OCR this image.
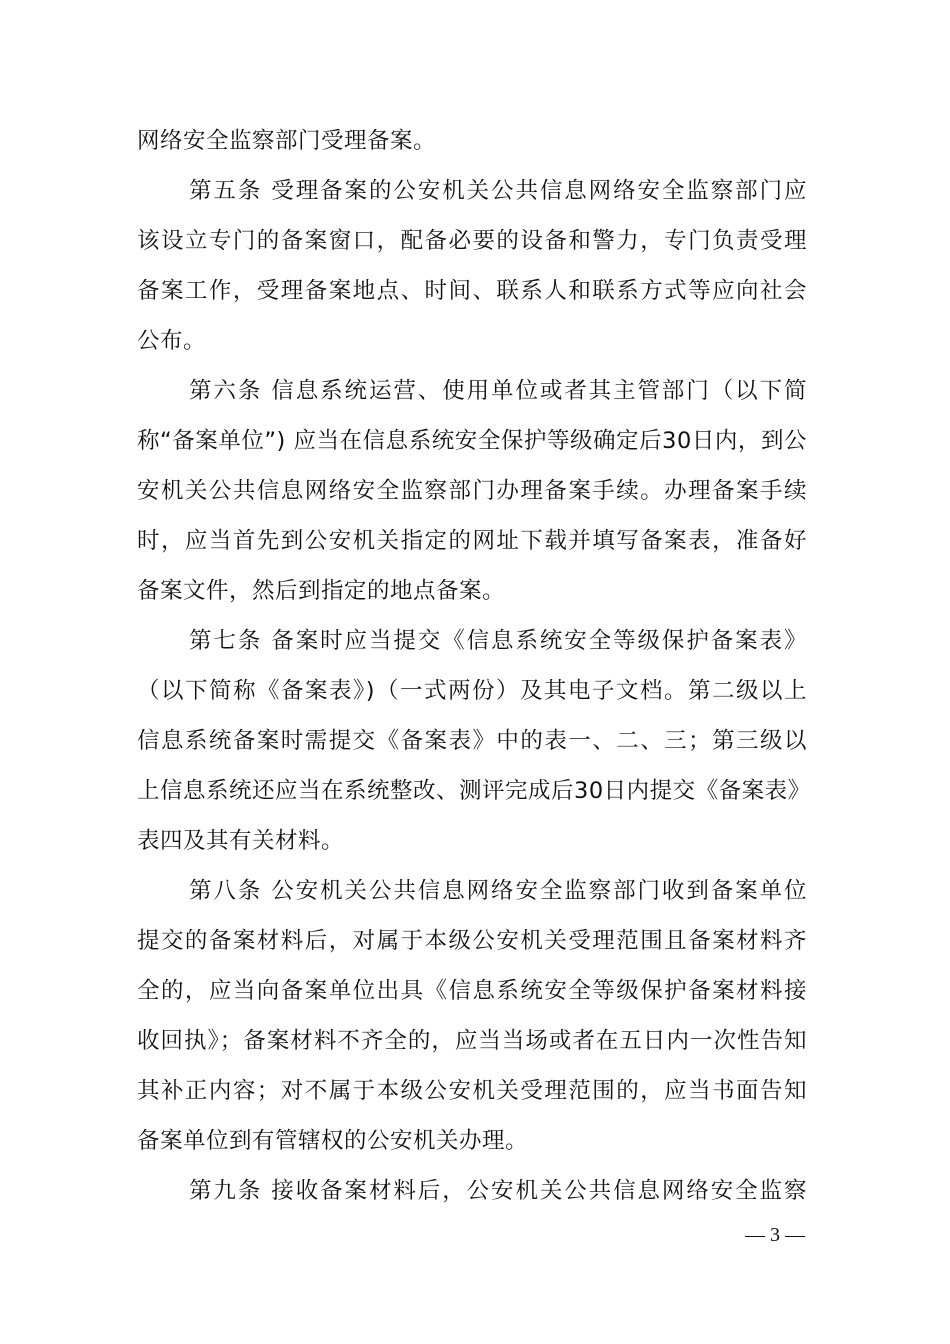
网络安全监察部门受理备案。
第五条 受理备案的公安机关公共信息网络安全监察部门应
该设立专门的备案窗口，配备必要的设备和警力，专门负责受理
备案工作，受理备案地点、时间、联系人和联系方式等应向社会
公布。
第六条 信息系统运营、使用单位或者其主管部门（以下简
称“备案单位”) 应当在信息系统安全保护等级确定后30日内，到公
安机关公共信息网络安全监察部门办理备案手续。办理备案手续
时，应当首先到公安机关指定的网址下载并填写备案表，准备好
备案文件，然后到指定的地点备案。
第七条 备案时应当提交《信息系统安全等级保护备案表》
（以下简称《备案表》)（一式两份）及其电子文档。第二级以上
信息系统备案时需提交《备案表》中的表一、二、三；第三级以
上信息系统还应当在系统整改、测评完成后30日内提交《备案表》
表四及其有关材料。
第八条 公安机关公共信息网络安全监察部门收到备案单位
提交的备案材料后，对属于本级公安机关受理范围且备案材料齐
全的，应当向备案单位出具《信息系统安全等级保护备案材料接
收回执》；备案材料不齐全的，应当当场或者在五日内一次性告知
其补正内容；对不属于本级公安机关受理范围的，应当书面告知
备案单位到有管辖权的公安机关办理。
第九条 接收备案材料后，公安机关公共信息网络安全监察
— 3 —
